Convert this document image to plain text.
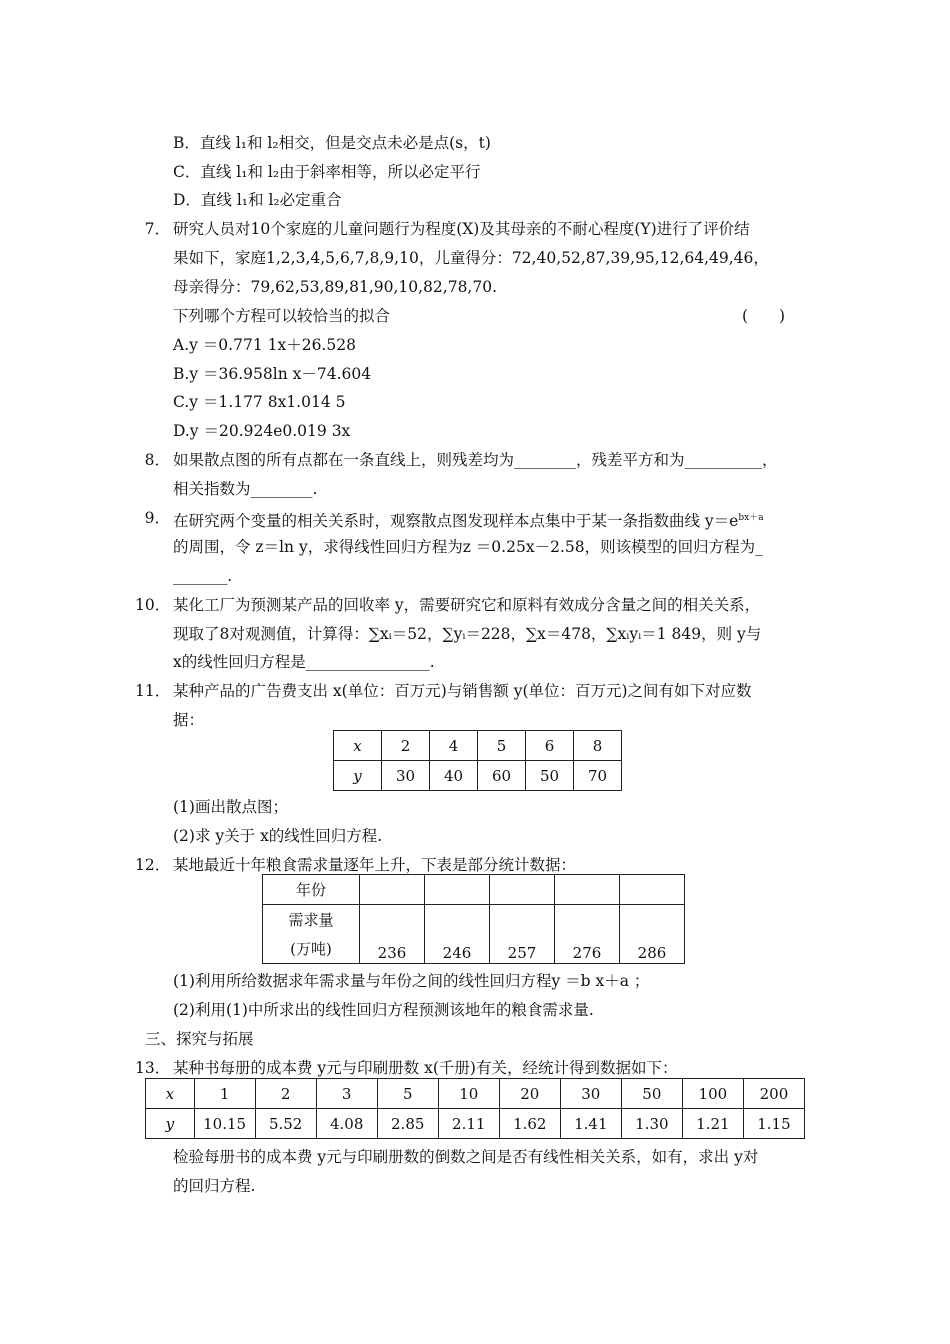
B．直线 l₁和 l₂相交，但是交点未必是点(s，t)
C．直线 l₁和 l₂由于斜率相等，所以必定平行
D．直线 l₁和 l₂必定重合
7． 研究人员对10个家庭的儿童问题行为程度(X)及其母亲的不耐心程度(Y)进行了评价结
果如下，家庭1,2,3,4,5,6,7,8,9,10，儿童得分：72,40,52,87,39,95,12,64,49,46，
母亲得分：79,62,53,89,81,90,10,82,78,70.
下列哪个方程可以较恰当的拟合	(　　)
A.y ＝0.771 1x＋26.528
B.y ＝36.958ln x－74.604
C.y ＝1.177 8x1.014 5
D.y ＝20.924e0.019 3x
8． 如果散点图的所有点都在一条直线上，则残差均为________，残差平方和为__________，
相关指数为________.
9． 在研究两个变量的相关关系时，观察散点图发现样本点集中于某一条指数曲线 $y=e^{bx+a}$
的周围，令 z＝ln y，求得线性回归方程为z ＝0.25x－2.58，则该模型的回归方程为_
_______.
10． 某化工厂为预测某产品的回收率 y，需要研究它和原料有效成分含量之间的相关关系，
现取了8对观测值，计算得：∑xᵢ＝52，∑yᵢ＝228，∑x＝478，∑xᵢyᵢ＝1 849，则 y与
x的线性回归方程是________________.
11． 某种产品的广告费支出 x(单位：百万元)与销售额 y(单位：百万元)之间有如下对应数
据：
x	2	4	5	6	8
y	30	40	60	50	70
(1)画出散点图；
(2)求 y关于 x的线性回归方程.
12． 某地最近十年粮食需求量逐年上升，下表是部分统计数据：
年份					
需求量	236	246	257	276	286
(万吨)					
(1)利用所给数据求年需求量与年份之间的线性回归方程y ＝b x＋a ；
(2)利用(1)中所求出的线性回归方程预测该地年的粮食需求量.
三、探究与拓展
13． 某种书每册的成本费 y元与印刷册数 x(千册)有关，经统计得到数据如下：
x	1	2	3	5	10	20	30	50	100	200
y	10.15	5.52	4.08	2.85	2.11	1.62	1.41	1.30	1.21	1.15
检验每册书的成本费 y元与印刷册数的倒数之间是否有线性相关关系，如有，求出 y对
的回归方程.
